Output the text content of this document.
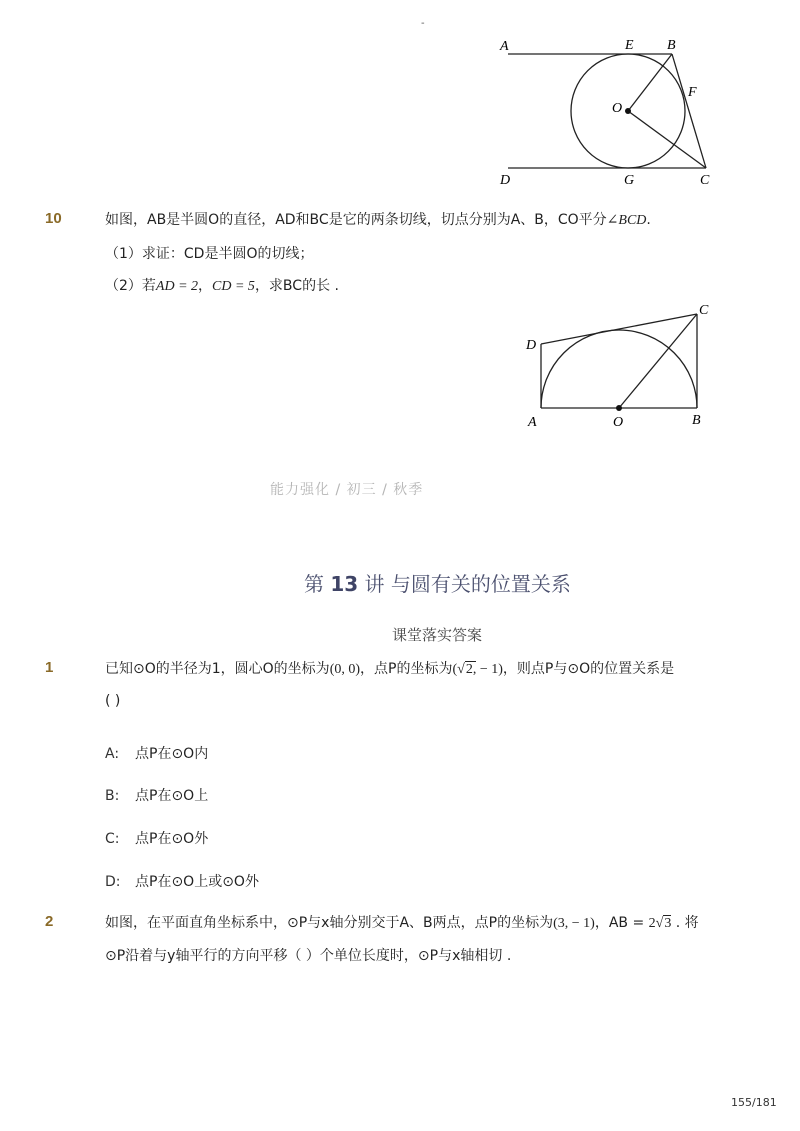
-
A	E B
F
O
D	G	C
10	如图，AB是半圆O的直径，AD和BC是它的两条切线，切点分别为A、B，CO平分∠BCD.
（1）求证：CD是半圆O的切线；
（2）若AD = 2，CD = 5，求BC的长 .
D
C
A	O	B
能力强化 / 初三 / 秋季
第 13 讲 与圆有关的位置关系
课堂落实答案
1	已知⊙O的半径为1，圆心O的坐标为(0, 0)，点P的坐标为(√2, − 1)，则点P与⊙O的位置关系是
( )
A: 点P在⊙O内
B: 点P在⊙O上
C: 点P在⊙O外
D: 点P在⊙O上或⊙O外
2	如图，在平面直角坐标系中，⊙P与x轴分别交于A、B两点，点P的坐标为(3, − 1)，AB = 2√3 . 将
⊙P沿着与y轴平行的方向平移（ ）个单位长度时，⊙P与x轴相切 .
155/181
